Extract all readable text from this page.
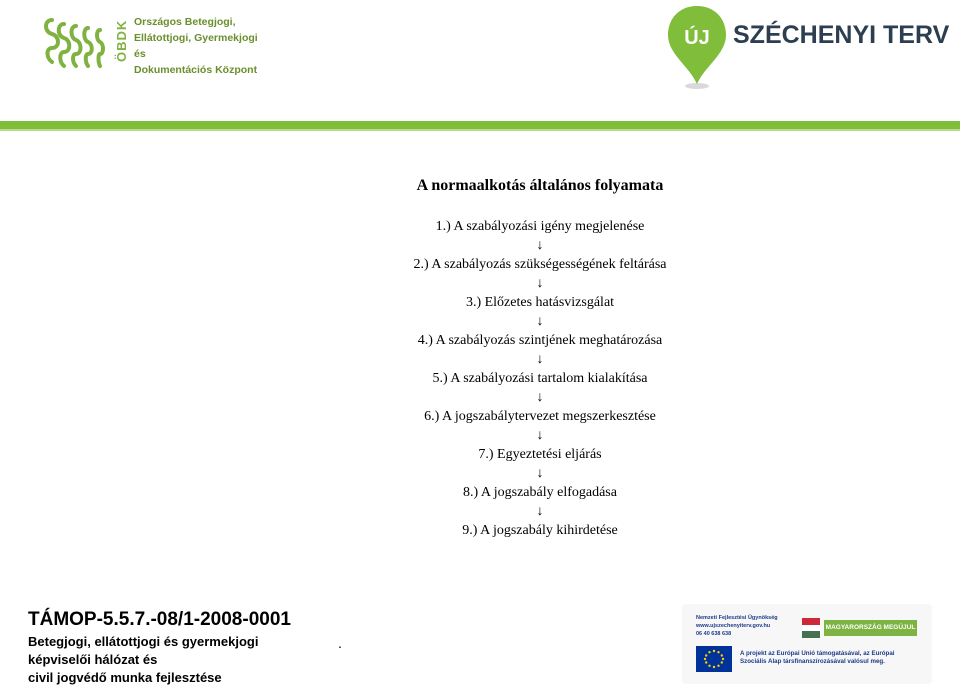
ÖBDK Országos Betegjogi,
Ellátottjogi, Gyermekjogi és
Dokumentációs Központ
ÚJ SZÉCHENYI TERV
A normaalkotás általános folyamata
1.) A szabályozási igény megjelenése
↓
2.) A szabályozás szükségességének feltárása
↓
3.) Előzetes hatásvizsgálat
↓
4.) A szabályozás szintjének meghatározása
↓
5.) A szabályozási tartalom kialakítása
↓
6.) A jogszabálytervezet megszerkesztése
↓
7.) Egyeztetési eljárás
↓
8.) A jogszabály elfogadása
↓
9.) A jogszabály kihirdetése
TÁMOP-5.5.7.-08/1-2008-0001
Betegjogi, ellátottjogi és gyermekjogi
képviselői hálózat és
civil jogvédő munka fejlesztése
.
Nemzeti Fejlesztési Ügynökség
www.ujszechenyiterv.gov.hu
06 40 638 638
MAGYARORSZÁG MEGÚJUL
A projekt az Európai Unió támogatásával, az Európai Szociális Alap társfinanszírozásával valósul meg.
